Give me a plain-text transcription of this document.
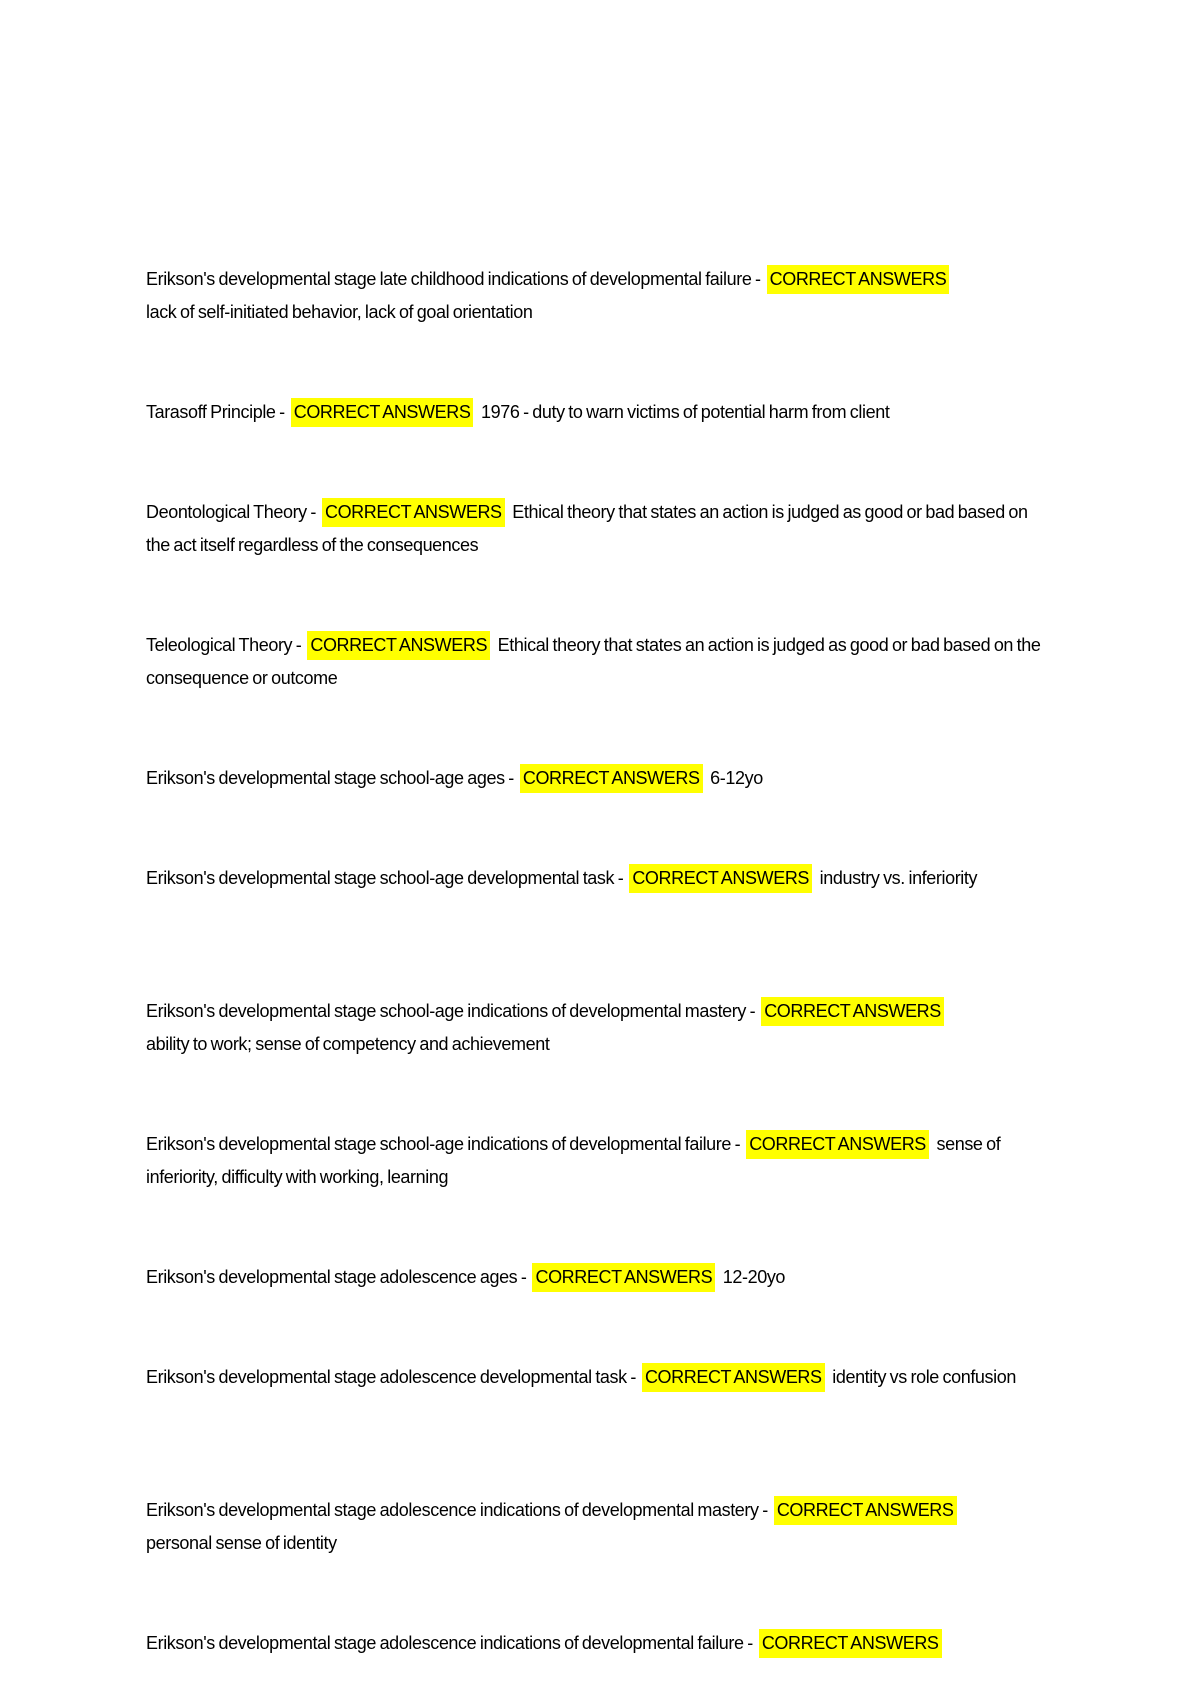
Erikson's developmental stage late childhood indications of developmental failure - CORRECT ANSWERS
lack of self-initiated behavior, lack of goal orientation

Tarasoff Principle - CORRECT ANSWERS 1976 - duty to warn victims of potential harm from client

Deontological Theory - CORRECT ANSWERS Ethical theory that states an action is judged as good or bad based on the act itself regardless of the consequences

Teleological Theory - CORRECT ANSWERS Ethical theory that states an action is judged as good or bad based on the consequence or outcome

Erikson's developmental stage school-age ages - CORRECT ANSWERS 6-12yo

Erikson's developmental stage school-age developmental task - CORRECT ANSWERS industry vs. inferiority

Erikson's developmental stage school-age indications of developmental mastery - CORRECT ANSWERS
ability to work; sense of competency and achievement

Erikson's developmental stage school-age indications of developmental failure - CORRECT ANSWERS sense of inferiority, difficulty with working, learning

Erikson's developmental stage adolescence ages - CORRECT ANSWERS 12-20yo

Erikson's developmental stage adolescence developmental task - CORRECT ANSWERS identity vs role confusion

Erikson's developmental stage adolescence indications of developmental mastery - CORRECT ANSWERS
personal sense of identity

Erikson's developmental stage adolescence indications of developmental failure - CORRECT ANSWERS
